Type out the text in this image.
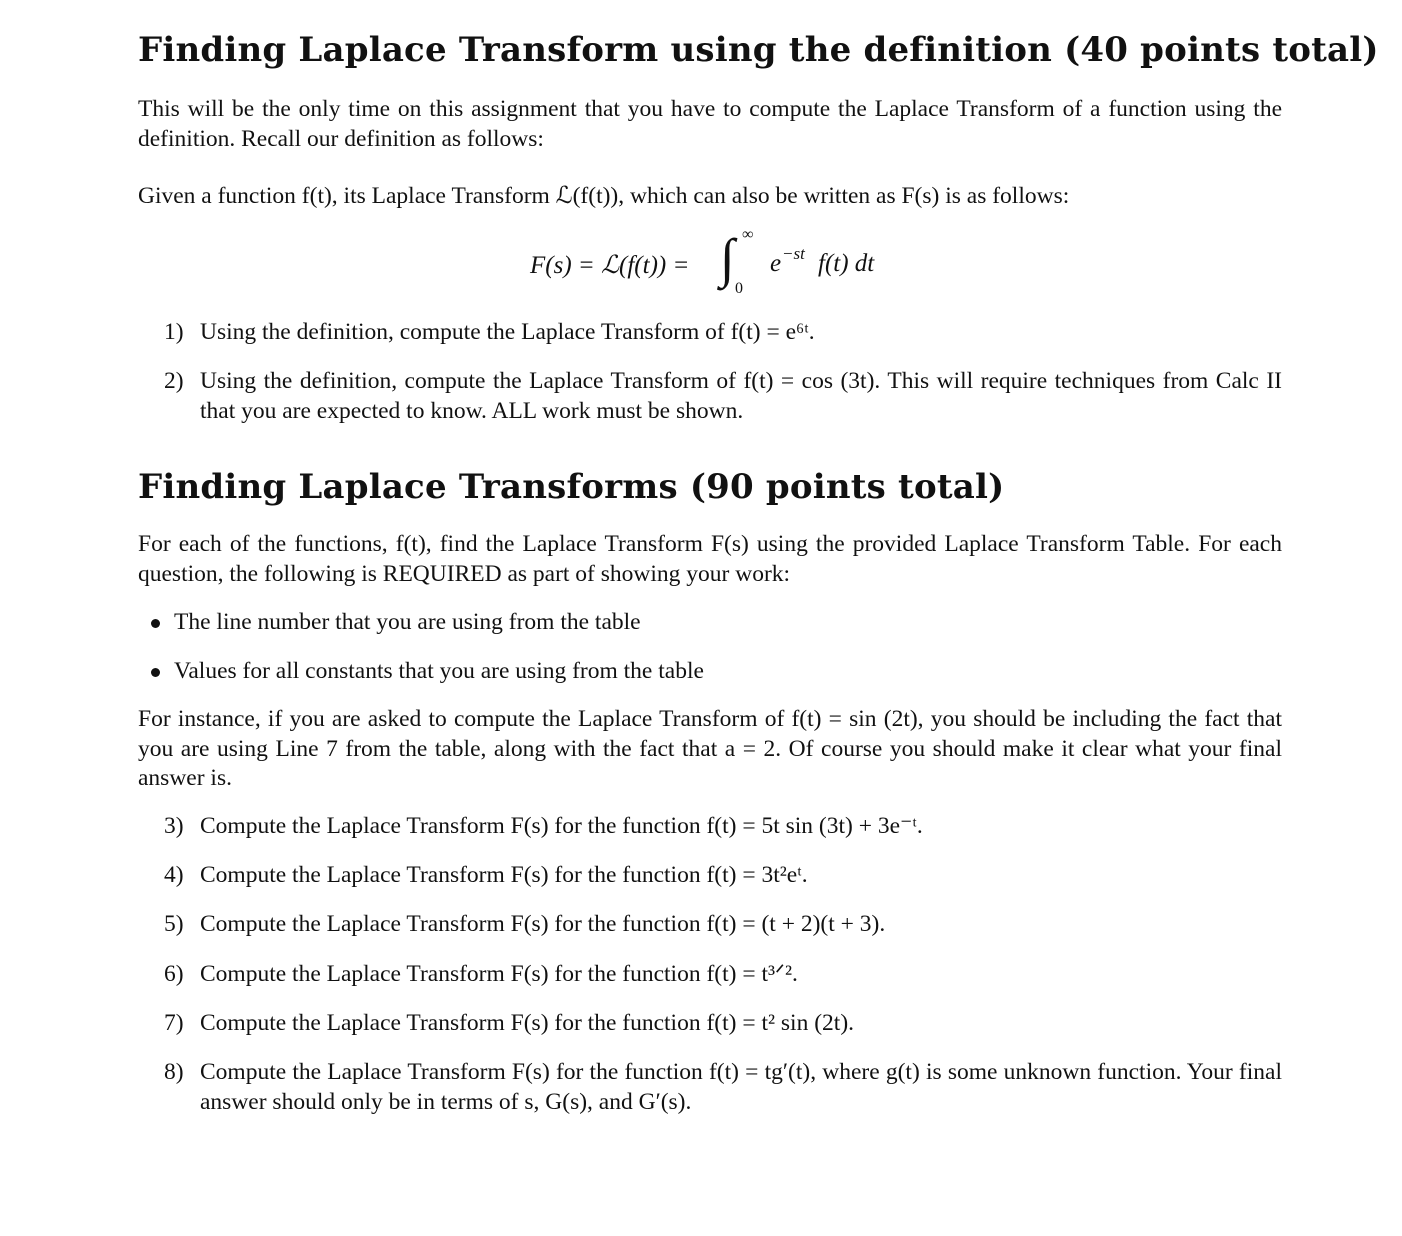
Finding Laplace Transform using the definition (40 points total)
This will be the only time on this assignment that you have to compute the Laplace Transform of a function using the definition. Recall our definition as follows:
Given a function f(t), its Laplace Transform ℒ(f(t)), which can also be written as F(s) is as follows:
F(s) = ℒ(f(t)) = ∫ ∞
0
e −st f(t) dt
1) Using the definition, compute the Laplace Transform of f(t) = e⁶ᵗ.
2) Using the definition, compute the Laplace Transform of f(t) = cos (3t). This will require techniques from Calc II that you are expected to know. ALL work must be shown.
Finding Laplace Transforms (90 points total)
For each of the functions, f(t), find the Laplace Transform F(s) using the provided Laplace Transform Table. For each question, the following is REQUIRED as part of showing your work:
The line number that you are using from the table
Values for all constants that you are using from the table
For instance, if you are asked to compute the Laplace Transform of f(t) = sin (2t), you should be including the fact that you are using Line 7 from the table, along with the fact that a = 2. Of course you should make it clear what your final answer is.
3) Compute the Laplace Transform F(s) for the function f(t) = 5t sin (3t) + 3e⁻ᵗ.
4) Compute the Laplace Transform F(s) for the function f(t) = 3t²eᵗ.
5) Compute the Laplace Transform F(s) for the function f(t) = (t + 2)(t + 3).
6) Compute the Laplace Transform F(s) for the function f(t) = t³ᐟ².
7) Compute the Laplace Transform F(s) for the function f(t) = t² sin (2t).
8) Compute the Laplace Transform F(s) for the function f(t) = tg′(t), where g(t) is some unknown function. Your final answer should only be in terms of s, G(s), and G′(s).
